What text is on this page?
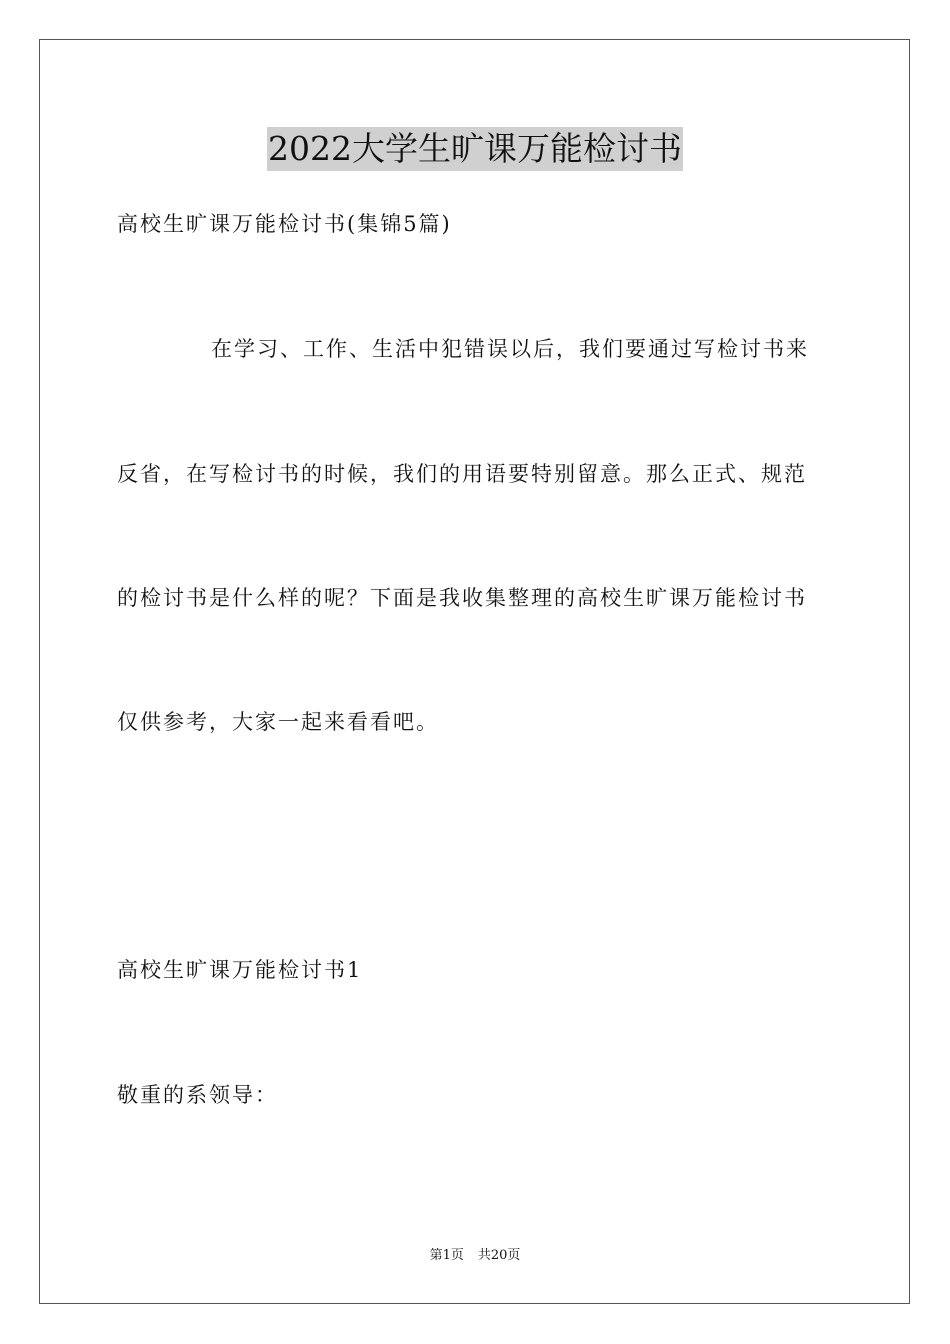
2022大学生旷课万能检讨书
高校生旷课万能检讨书(集锦5篇)
在学习、工作、生活中犯错误以后，我们要通过写检讨书来
反省，在写检讨书的时候，我们的用语要特别留意。那么正式、规范
的检讨书是什么样的呢？下面是我收集整理的高校生旷课万能检讨书
仅供参考，大家一起来看看吧。
高校生旷课万能检讨书1
敬重的系领导：
第1页 共20页
